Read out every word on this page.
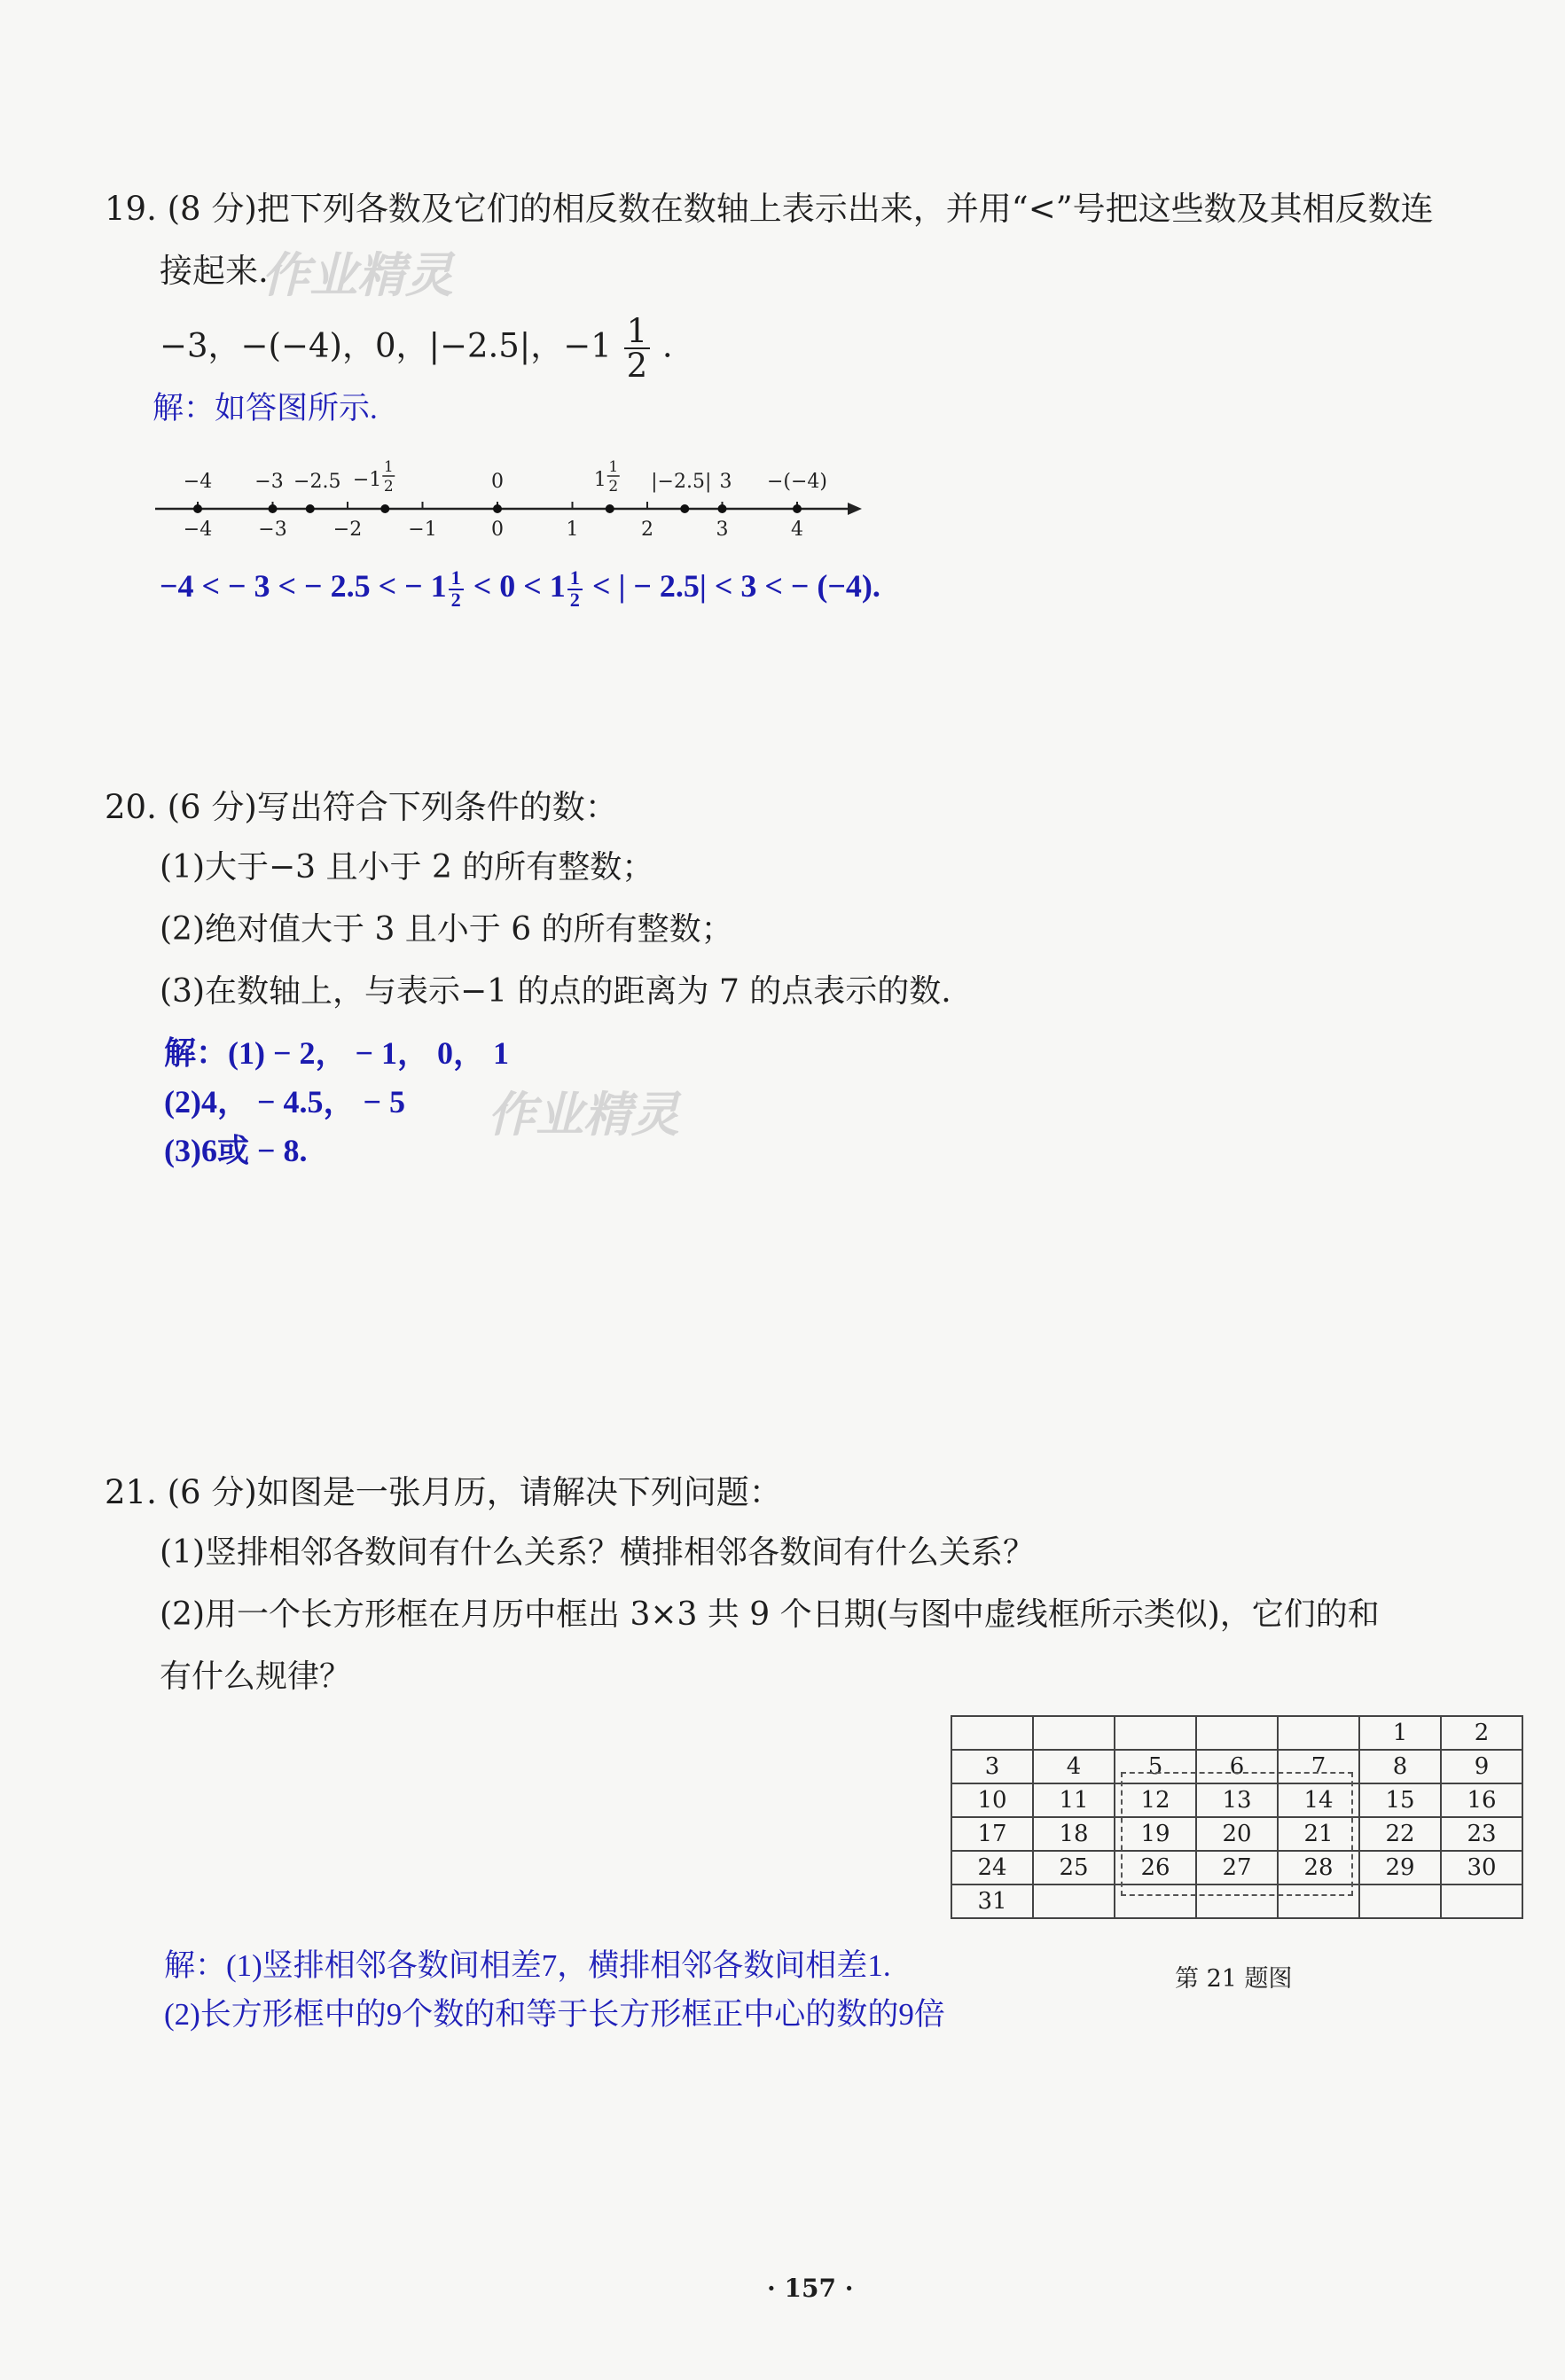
19. (8 分)把下列各数及它们的相反数在数轴上表示出来，并用“<”号把这些数及其相反数连
接起来.
作业精灵
−3，−(−4)，0，|−2.5|，$-1 \frac{1}{2}$ .
解：如答图所示.
−4 −3 −2 −1	0	1	2	3	4
−4 −3 −2.5 −1
1
2	0	1
1
2 |−2.5| 3 −(−4)
−4 < − 3 < − 2.5 < − $1 \frac{1}{2} < 0 < 1 \frac{1}{2}$ < | − 2.5| < 3 < − (−4).
20. (6 分)写出符合下列条件的数：
(1)大于−3 且小于 2 的所有整数；
(2)绝对值大于 3 且小于 6 的所有整数；
(3)在数轴上，与表示−1 的点的距离为 7 的点表示的数.
解：(1) − 2， − 1， 0， 1
(2)4， − 4.5， − 5
(3)6或 − 8.
作业精灵
21. (6 分)如图是一张月历，请解决下列问题：
(1)竖排相邻各数间有什么关系？横排相邻各数间有什么关系？
(2)用一个长方形框在月历中框出 3×3 共 9 个日期(与图中虚线框所示类似)，它们的和
有什么规律？
					1	2
3	4	5	6	7	8	9
10	11	12	13	14	15	16
17	18	19	20	21	22	23
24	25	26	27	28	29	30
31						
第 21 题图
解：(1)竖排相邻各数间相差7，横排相邻各数间相差1.
(2)长方形框中的9个数的和等于长方形框正中心的数的9倍
· 157 ·
